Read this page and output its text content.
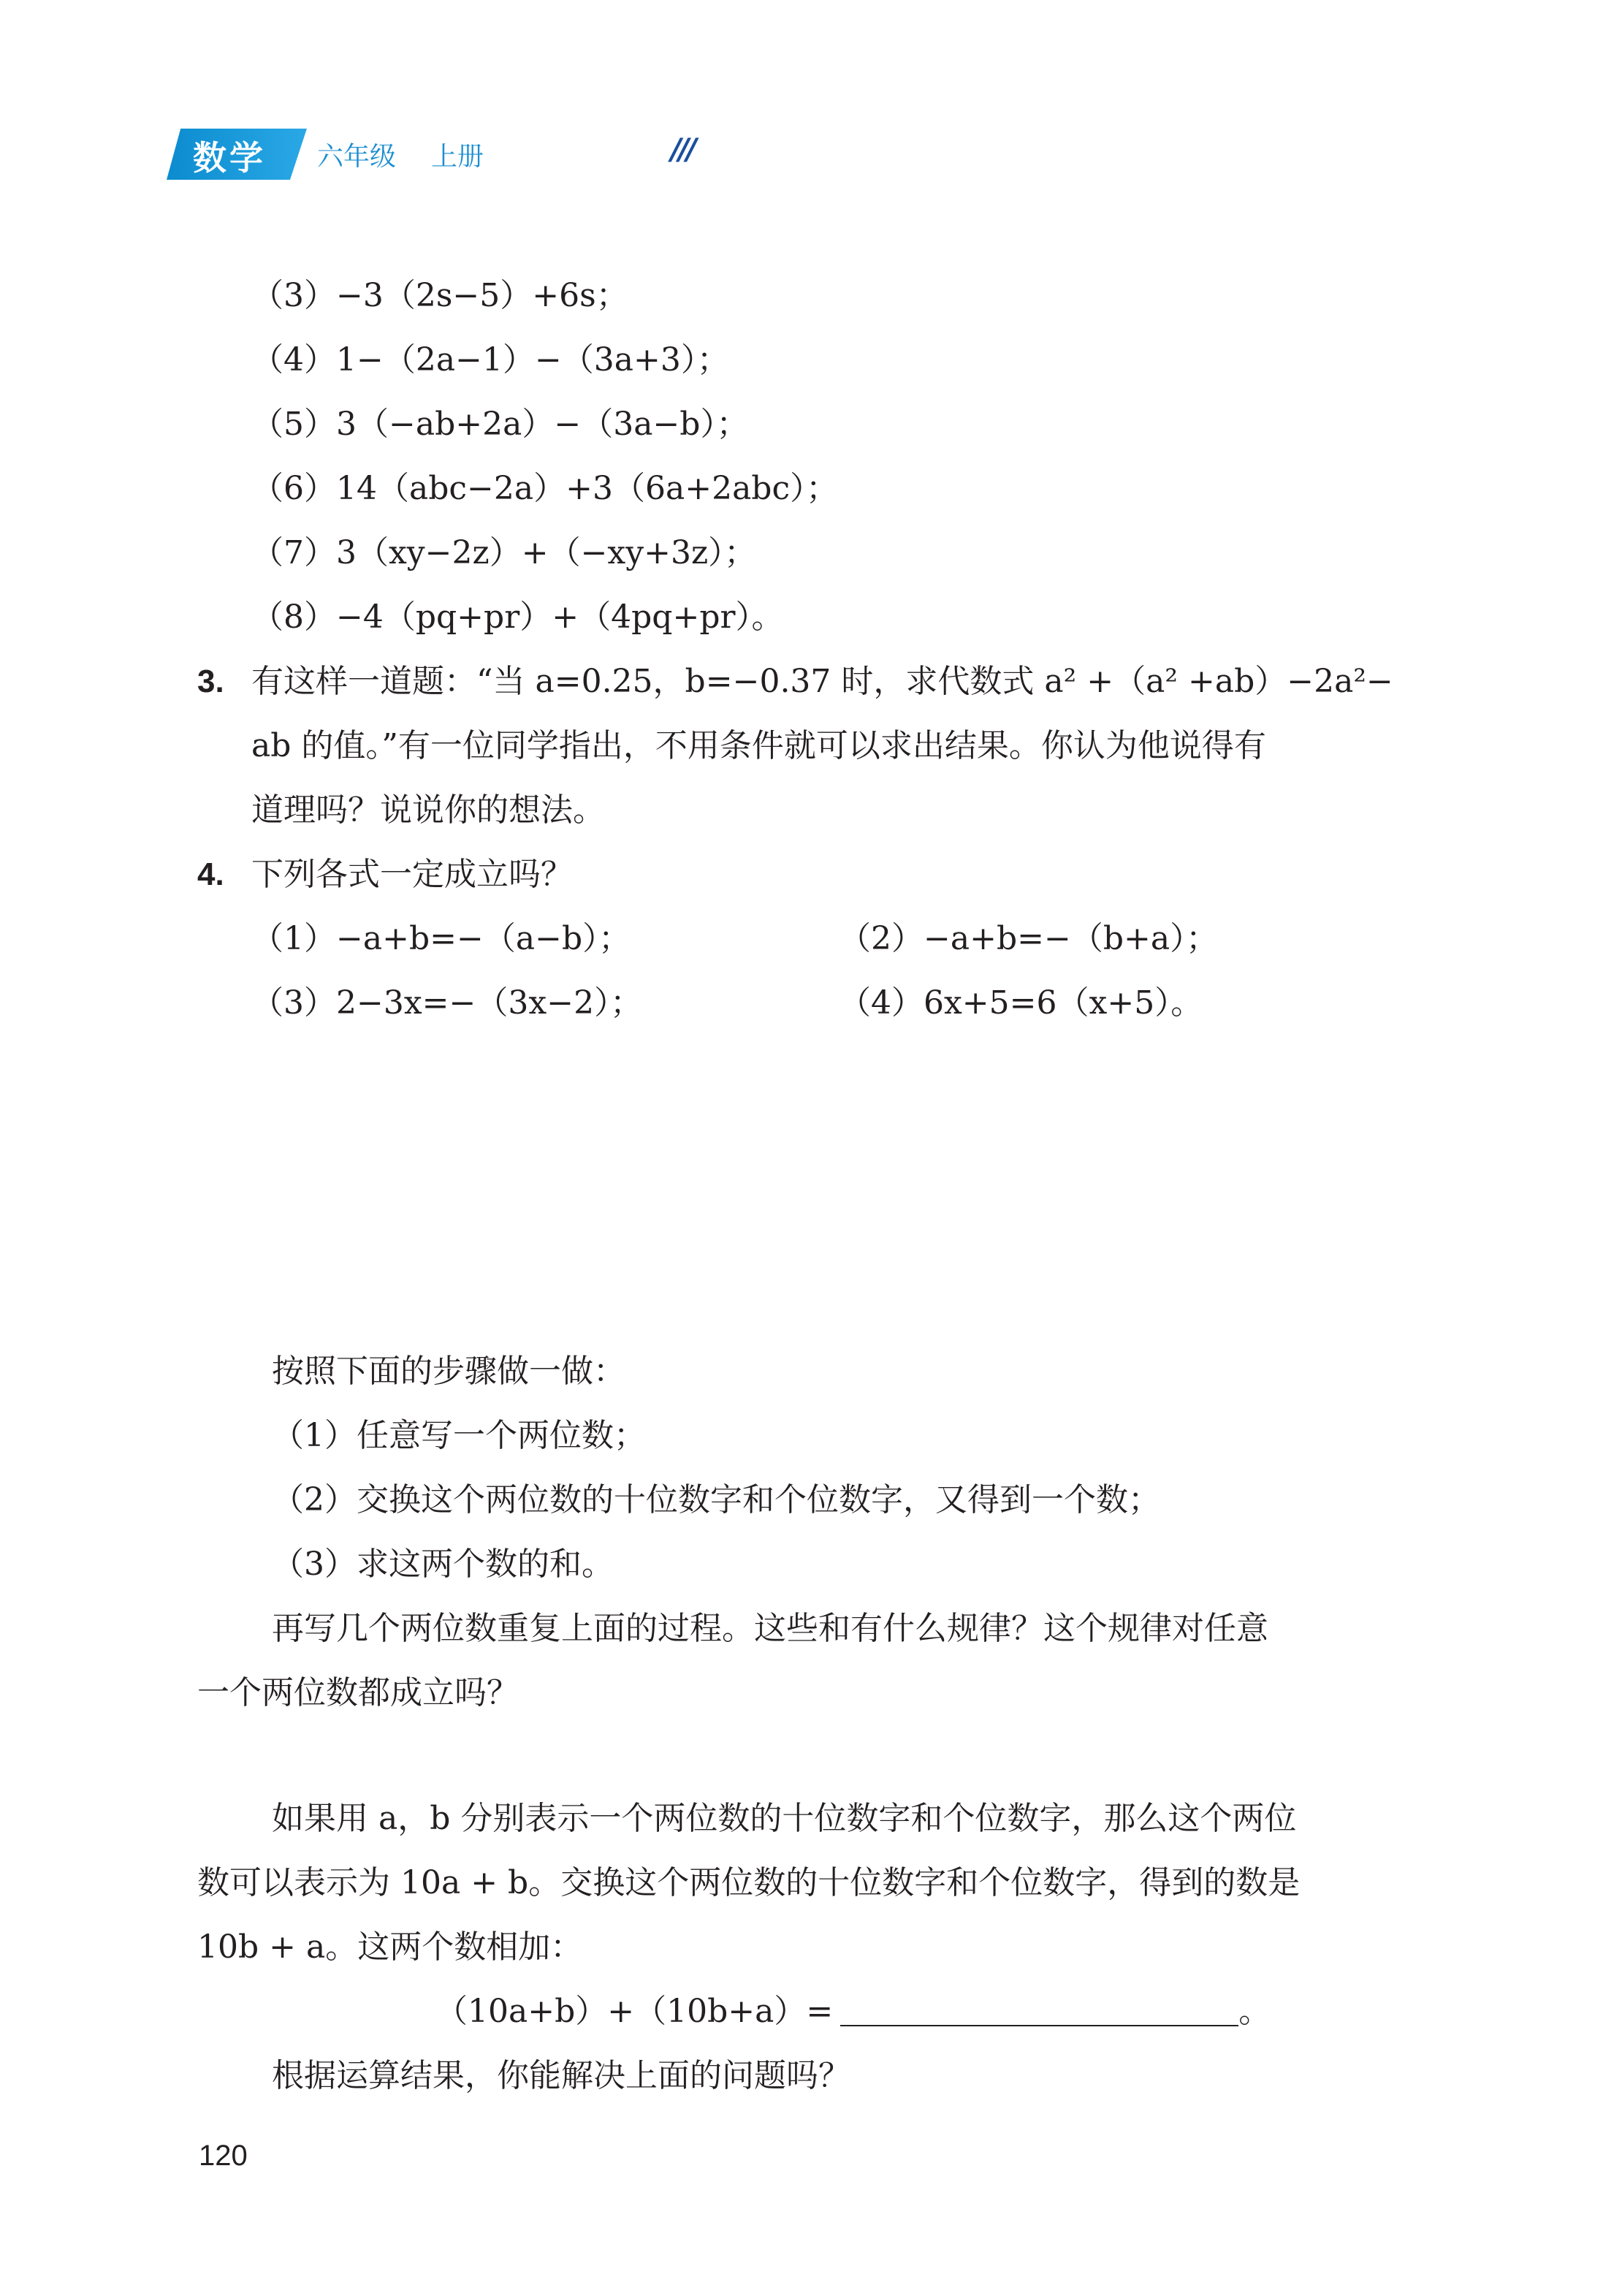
数学 六年级 上册	///
（3）−3（2s−5）+6s；
（4）1−（2a−1）−（3a+3）；
（5）3（−ab+2a）−（3a−b）；
（6）14（abc−2a）+3（6a+2abc）；
（7）3（xy−2z）+（−xy+3z）；
（8）−4（pq+pr）+（4pq+pr）。
3. 有这样一道题：“当 a=0.25，b=−0.37 时，求代数式 a² +（a² +ab）−2a²−
ab 的值。”有一位同学指出，不用条件就可以求出结果。你认为他说得有
道理吗？说说你的想法。
4. 下列各式一定成立吗？
（1）−a+b=−（a−b）；	（2）−a+b=−（b+a）；
（3）2−3x=−（3x−2）；	（4）6x+5=6（x+5）。
按照下面的步骤做一做：
（1）任意写一个两位数；
（2）交换这个两位数的十位数字和个位数字，又得到一个数；
（3）求这两个数的和。
再写几个两位数重复上面的过程。这些和有什么规律？这个规律对任意
一个两位数都成立吗？
如果用 a，b 分别表示一个两位数的十位数字和个位数字，那么这个两位
数可以表示为 10a + b。交换这个两位数的十位数字和个位数字，得到的数是
10b + a。这两个数相加：
（10a+b）+（10b+a）=	。
根据运算结果，你能解决上面的问题吗？
120
